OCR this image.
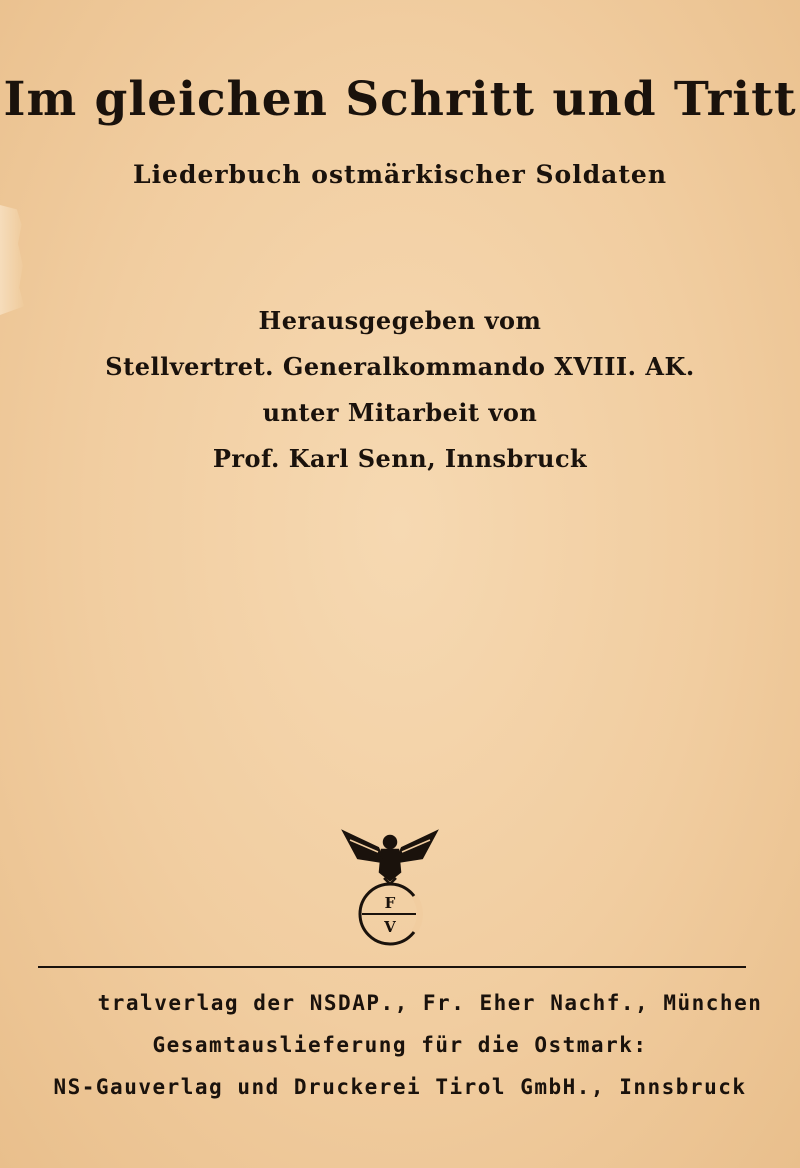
Im gleichen Schritt und Tritt
Liederbuch ostmärkischer Soldaten
Herausgegeben vom
Stellvertret. Generalkommando XVIII. AK.
unter Mitarbeit von
Prof. Karl Senn, Innsbruck
F
V
tralverlag der NSDAP., Fr. Eher Nachf., München
Gesamtauslieferung für die Ostmark:
NS-Gauverlag und Druckerei Tirol GmbH., Innsbruck
